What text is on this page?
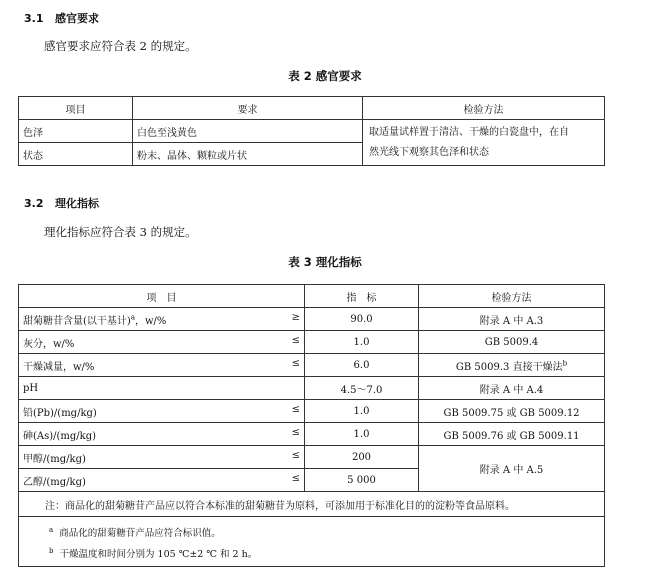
3.1 感官要求
感官要求应符合表 2 的规定。
表 2 感官要求
项目	要求	检验方法
色泽	白色至浅黄色	取适量试样置于清洁、干燥的白瓷盘中，在自
然光线下观察其色泽和状态

状态	粉末、晶体、颗粒或片状	
3.2 理化指标
理化指标应符合表 3 的规定。
表 3 理化指标
项　目	指　标	检验方法
甜菊糖苷含量(以干基计)$^a$，w/% ≥	90.0	附录 A 中 A.3
灰分，w/% ≤	1.0	GB 5009.4
干燥减量，w/% ≤	6.0	GB 5009.3 直接干燥法$^b$
pH	4.5～7.0	附录 A 中 A.4
铅(Pb)/(mg/kg) ≤	1.0	GB 5009.75 或 GB 5009.12
砷(As)/(mg/kg) ≤	1.0	GB 5009.76 或 GB 5009.11
甲醇/(mg/kg) ≤	200	附录 A 中 A.5
乙醇/(mg/kg) ≤	5 000	
注：商品化的甜菊糖苷产品应以符合本标准的甜菊糖苷为原料，可添加用于标准化目的的淀粉等食品原料。		

$^a$ 商品化的甜菊糖苷产品应符合标识值。
$^b$ 干燥温度和时间分别为 105 ℃±2 ℃ 和 2 h。		
